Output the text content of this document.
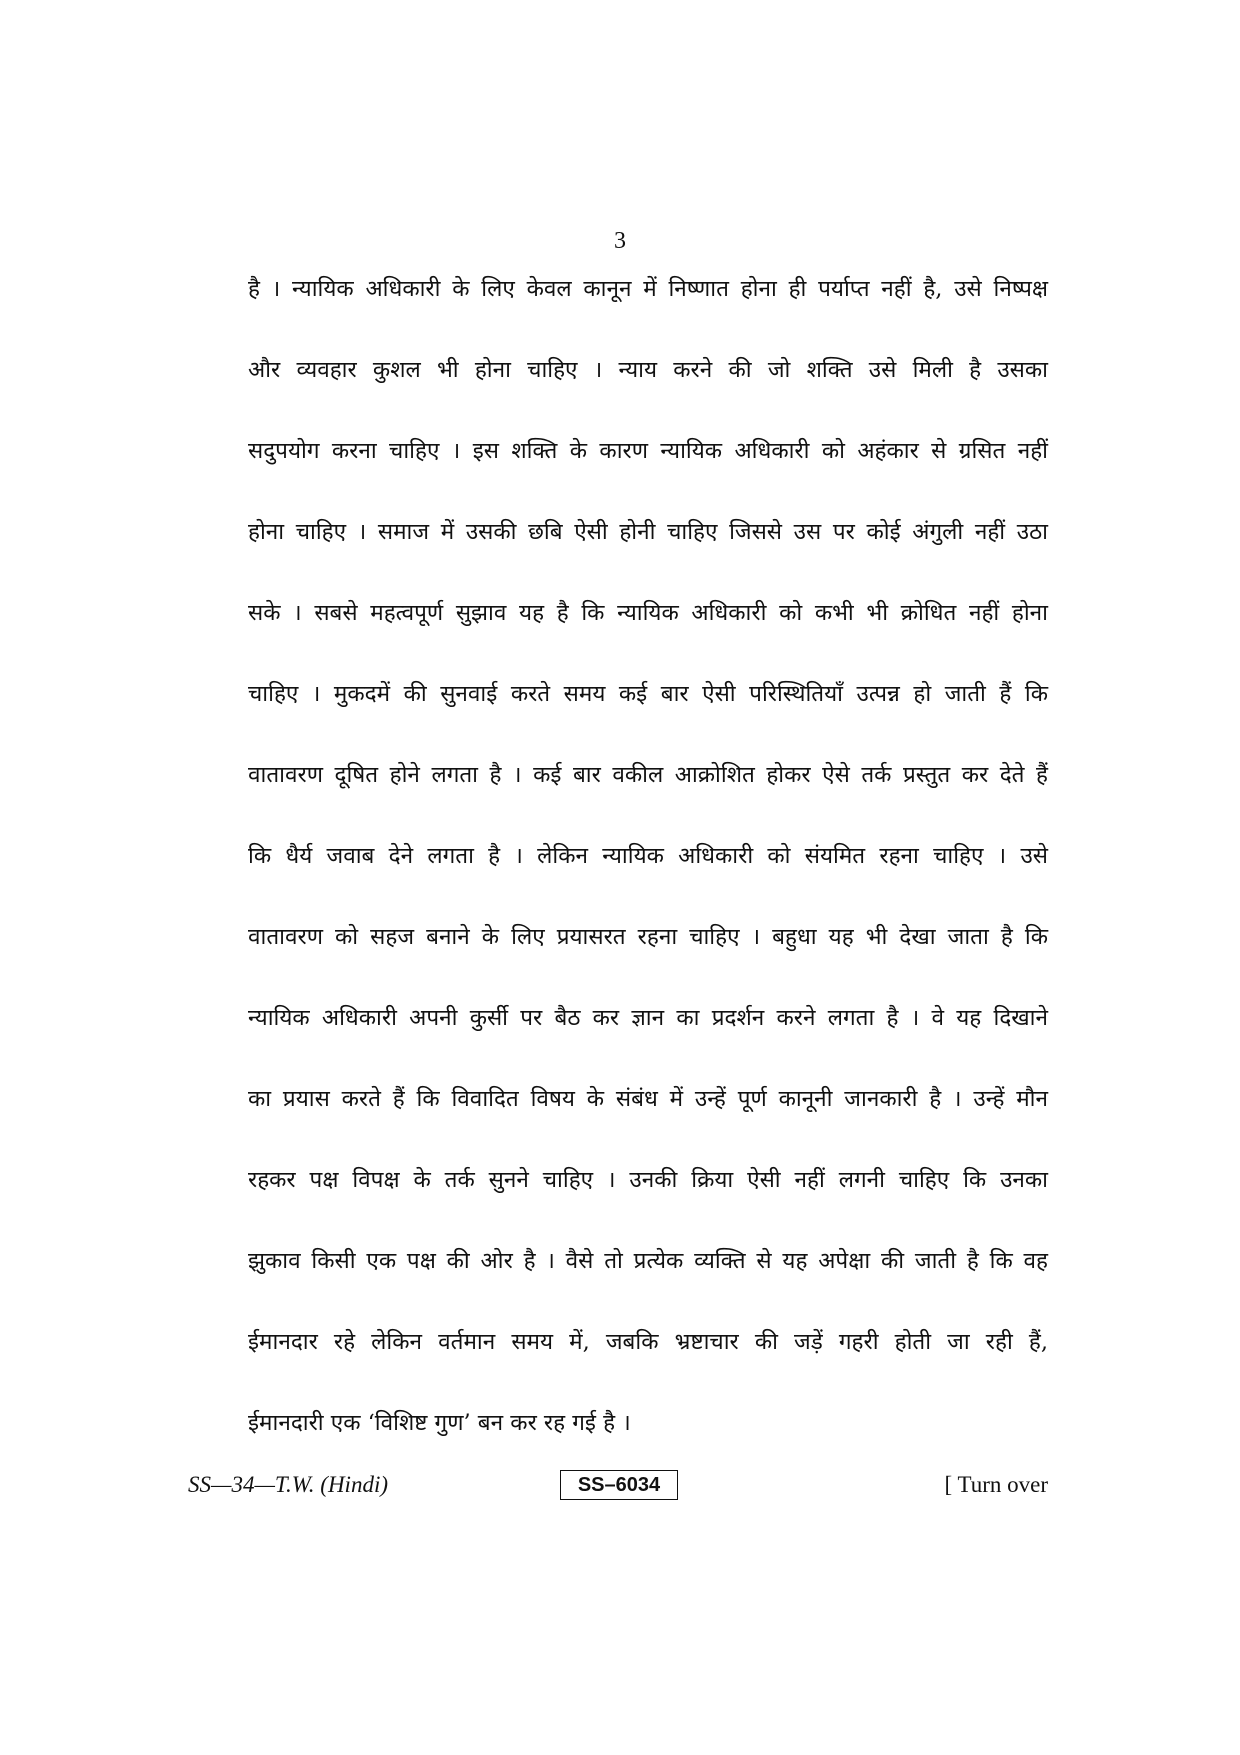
3
है । न्यायिक अधिकारी के लिए केवल कानून में निष्णात होना ही पर्याप्त नहीं है, उसे निष्पक्ष
और व्यवहार कुशल भी होना चाहिए । न्याय करने की जो शक्ति उसे मिली है उसका
सदुपयोग करना चाहिए । इस शक्ति के कारण न्यायिक अधिकारी को अहंकार से ग्रसित नहीं
होना चाहिए । समाज में उसकी छबि ऐसी होनी चाहिए जिससे उस पर कोई अंगुली नहीं उठा
सके । सबसे महत्वपूर्ण सुझाव यह है कि न्यायिक अधिकारी को कभी भी क्रोधित नहीं होना
चाहिए । मुकदमें की सुनवाई करते समय कई बार ऐसी परिस्थितियाँ उत्पन्न हो जाती हैं कि
वातावरण दूषित होने लगता है । कई बार वकील आक्रोशित होकर ऐसे तर्क प्रस्तुत कर देते हैं
कि धैर्य जवाब देने लगता है । लेकिन न्यायिक अधिकारी को संयमित रहना चाहिए । उसे
वातावरण को सहज बनाने के लिए प्रयासरत रहना चाहिए । बहुधा यह भी देखा जाता है कि
न्यायिक अधिकारी अपनी कुर्सी पर बैठ कर ज्ञान का प्रदर्शन करने लगता है । वे यह दिखाने
का प्रयास करते हैं कि विवादित विषय के संबंध में उन्हें पूर्ण कानूनी जानकारी है । उन्हें मौन
रहकर पक्ष विपक्ष के तर्क सुनने चाहिए । उनकी क्रिया ऐसी नहीं लगनी चाहिए कि उनका
झुकाव किसी एक पक्ष की ओर है । वैसे तो प्रत्येक व्यक्ति से यह अपेक्षा की जाती है कि वह
ईमानदार रहे लेकिन वर्तमान समय में, जबकि भ्रष्टाचार की जड़ें गहरी होती जा रही हैं,
ईमानदारी एक ‘विशिष्ट गुण’ बन कर रह गई है ।
SS—34—T.W. (Hindi)	SS–6034	[ Turn over
